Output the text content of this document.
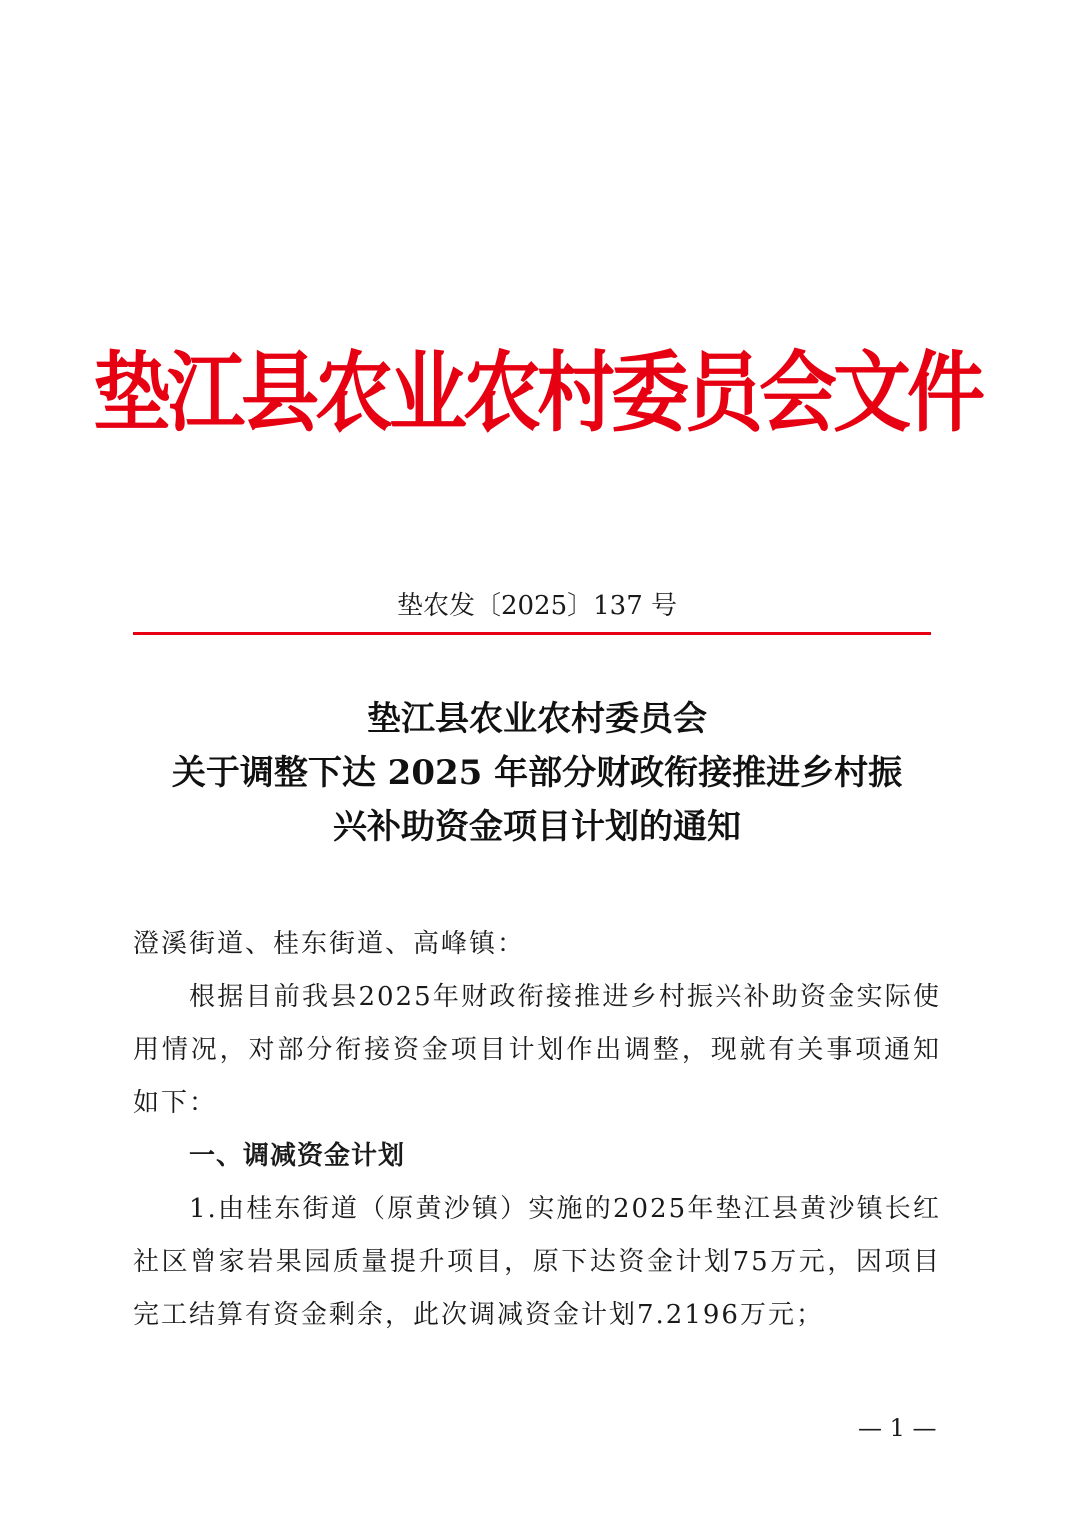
垫江县农业农村委员会文件
垫农发〔2025〕137 号
垫江县农业农村委员会
关于调整下达 2025 年部分财政衔接推进乡村振
兴补助资金项目计划的通知

澄溪街道、桂东街道、高峰镇：

根据目前我县2025年财政衔接推进乡村振兴补助资金实际使用情况，对部分衔接资金项目计划作出调整，现就有关事项通知如下：

一、调减资金计划

1.由桂东街道（原黄沙镇）实施的2025年垫江县黄沙镇长红社区曾家岩果园质量提升项目，原下达资金计划75万元，因项目完工结算有资金剩余，此次调减资金计划7.2196万元；

— 1 —
